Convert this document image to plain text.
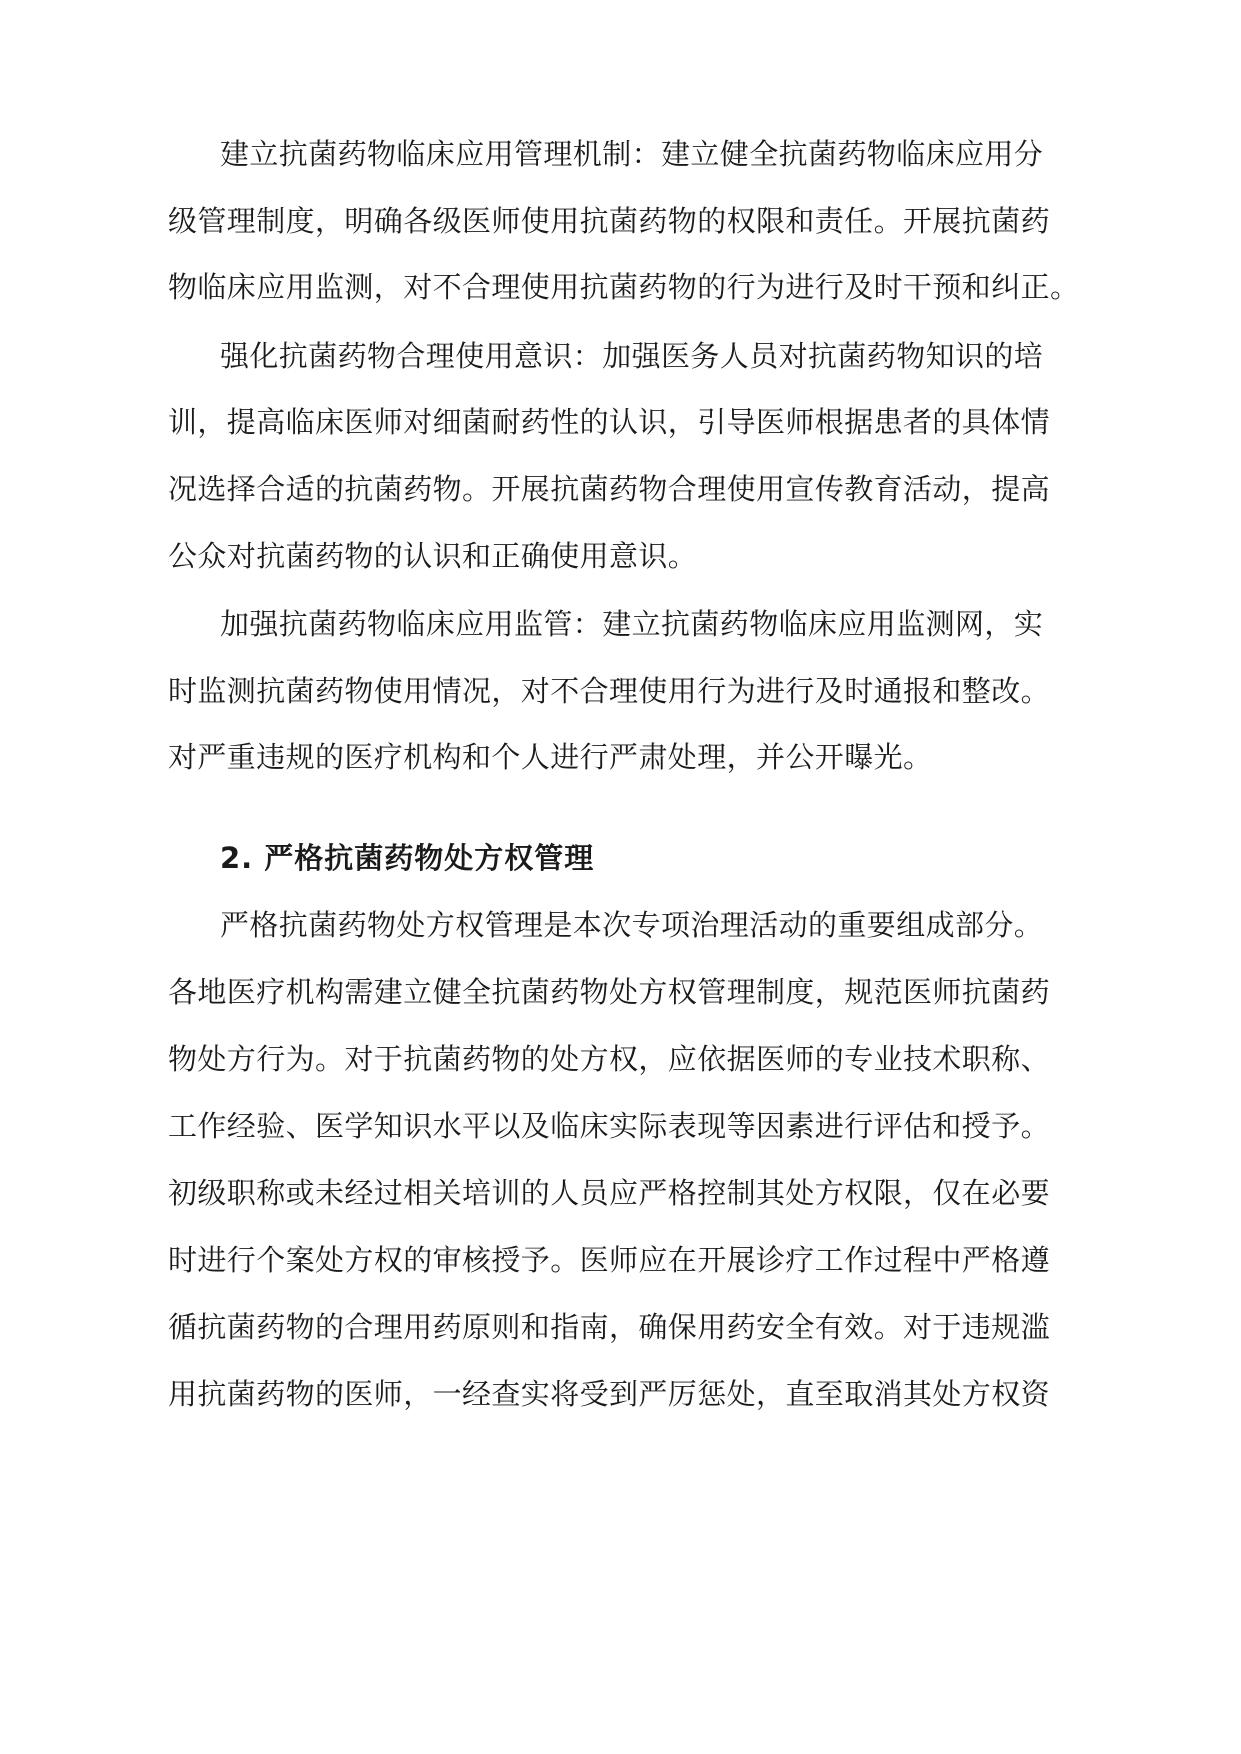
建立抗菌药物临床应用管理机制：建立健全抗菌药物临床应用分
级管理制度，明确各级医师使用抗菌药物的权限和责任。开展抗菌药
物临床应用监测，对不合理使用抗菌药物的行为进行及时干预和纠正。
强化抗菌药物合理使用意识：加强医务人员对抗菌药物知识的培
训，提高临床医师对细菌耐药性的认识，引导医师根据患者的具体情
况选择合适的抗菌药物。开展抗菌药物合理使用宣传教育活动，提高
公众对抗菌药物的认识和正确使用意识。
加强抗菌药物临床应用监管：建立抗菌药物临床应用监测网，实
时监测抗菌药物使用情况，对不合理使用行为进行及时通报和整改。
对严重违规的医疗机构和个人进行严肃处理，并公开曝光。
2. 严格抗菌药物处方权管理
严格抗菌药物处方权管理是本次专项治理活动的重要组成部分。
各地医疗机构需建立健全抗菌药物处方权管理制度，规范医师抗菌药
物处方行为。对于抗菌药物的处方权，应依据医师的专业技术职称、
工作经验、医学知识水平以及临床实际表现等因素进行评估和授予。
初级职称或未经过相关培训的人员应严格控制其处方权限，仅在必要
时进行个案处方权的审核授予。医师应在开展诊疗工作过程中严格遵
循抗菌药物的合理用药原则和指南，确保用药安全有效。对于违规滥
用抗菌药物的医师，一经查实将受到严厉惩处，直至取消其处方权资
